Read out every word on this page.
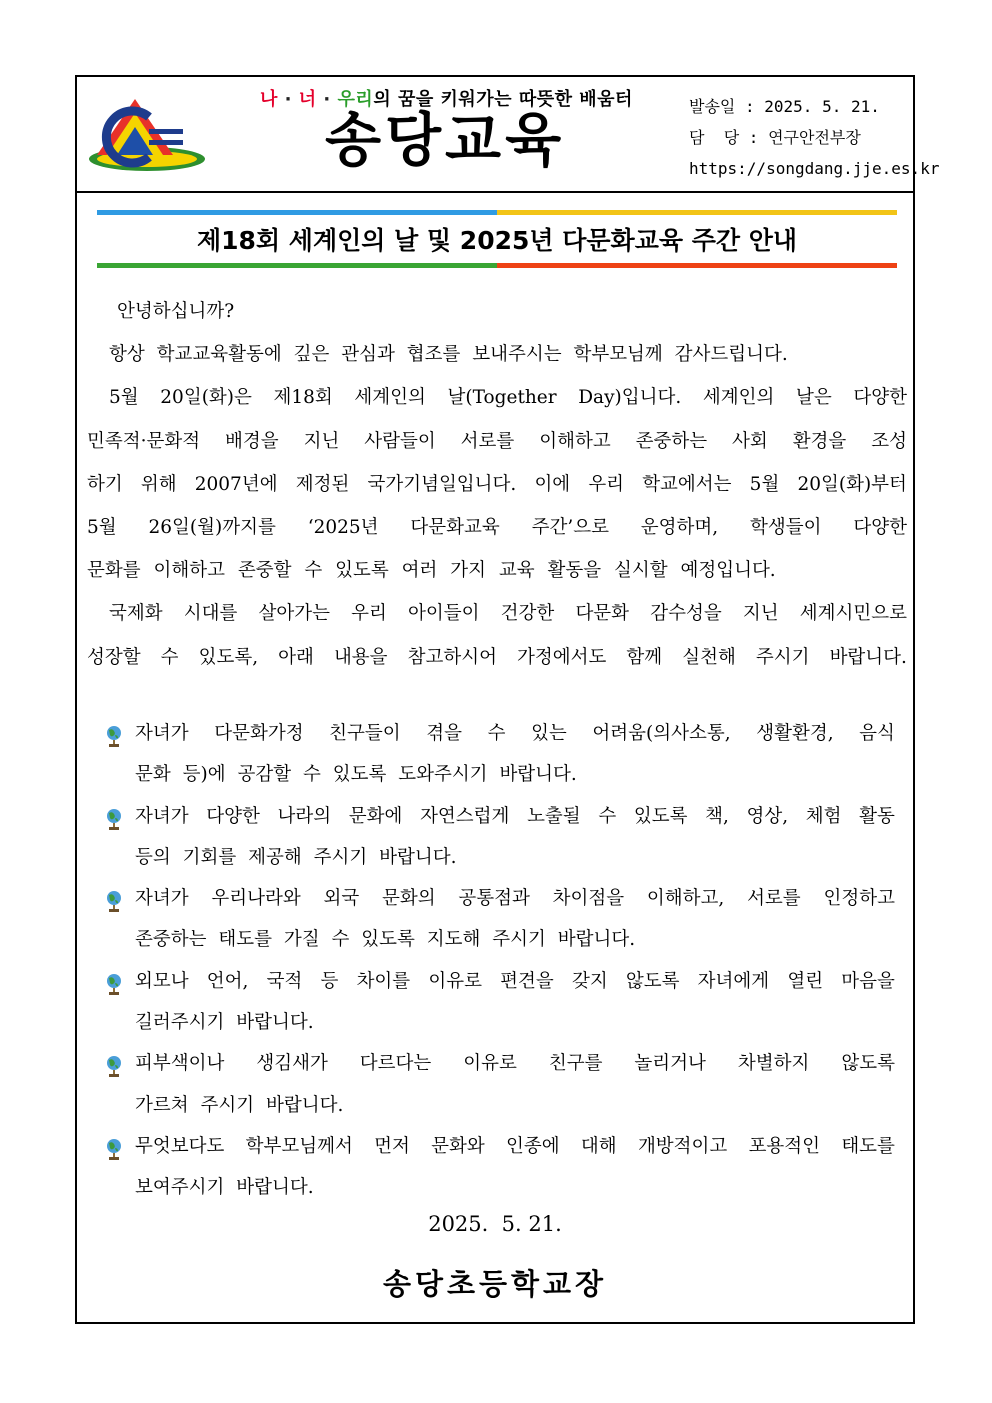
나 · 너 · 우리의 꿈을 키워가는 따뜻한 배움터
송당교육	발송일 : 2025. 5. 21.
담  당 : 연구안전부장
https://songdang.jje.es.kr
제18회 세계인의 날 및 2025년 다문화교육 주간 안내
안녕하십니까?
항상 학교교육활동에 깊은 관심과 협조를 보내주시는 학부모님께 감사드립니다.
5월 20일(화)은 제18회 세계인의 날(Together Day)입니다. 세계인의 날은 다양한
민족적·문화적 배경을 지닌 사람들이 서로를 이해하고 존중하는 사회 환경을 조성
하기 위해 2007년에 제정된 국가기념일입니다. 이에 우리 학교에서는 5월 20일(화)부터
5월 26일(월)까지를 ‘2025년 다문화교육 주간’으로 운영하며, 학생들이 다양한
문화를 이해하고 존중할 수 있도록 여러 가지 교육 활동을 실시할 예정입니다.
국제화 시대를 살아가는 우리 아이들이 건강한 다문화 감수성을 지닌 세계시민으로
성장할 수 있도록, 아래 내용을 참고하시어 가정에서도 함께 실천해 주시기 바랍니다.
자녀가 다문화가정 친구들이 겪을 수 있는 어려움(의사소통, 생활환경, 음식
문화 등)에 공감할 수 있도록 도와주시기 바랍니다.
자녀가 다양한 나라의 문화에 자연스럽게 노출될 수 있도록 책, 영상, 체험 활동
등의 기회를 제공해 주시기 바랍니다.
자녀가 우리나라와 외국 문화의 공통점과 차이점을 이해하고, 서로를 인정하고
존중하는 태도를 가질 수 있도록 지도해 주시기 바랍니다.
외모나 언어, 국적 등 차이를 이유로 편견을 갖지 않도록 자녀에게 열린 마음을
길러주시기 바랍니다.
피부색이나 생김새가 다르다는 이유로 친구를 놀리거나 차별하지 않도록
가르쳐 주시기 바랍니다.
무엇보다도 학부모님께서 먼저 문화와 인종에 대해 개방적이고 포용적인 태도를
보여주시기 바랍니다.
2025.  5. 21.
송당초등학교장
